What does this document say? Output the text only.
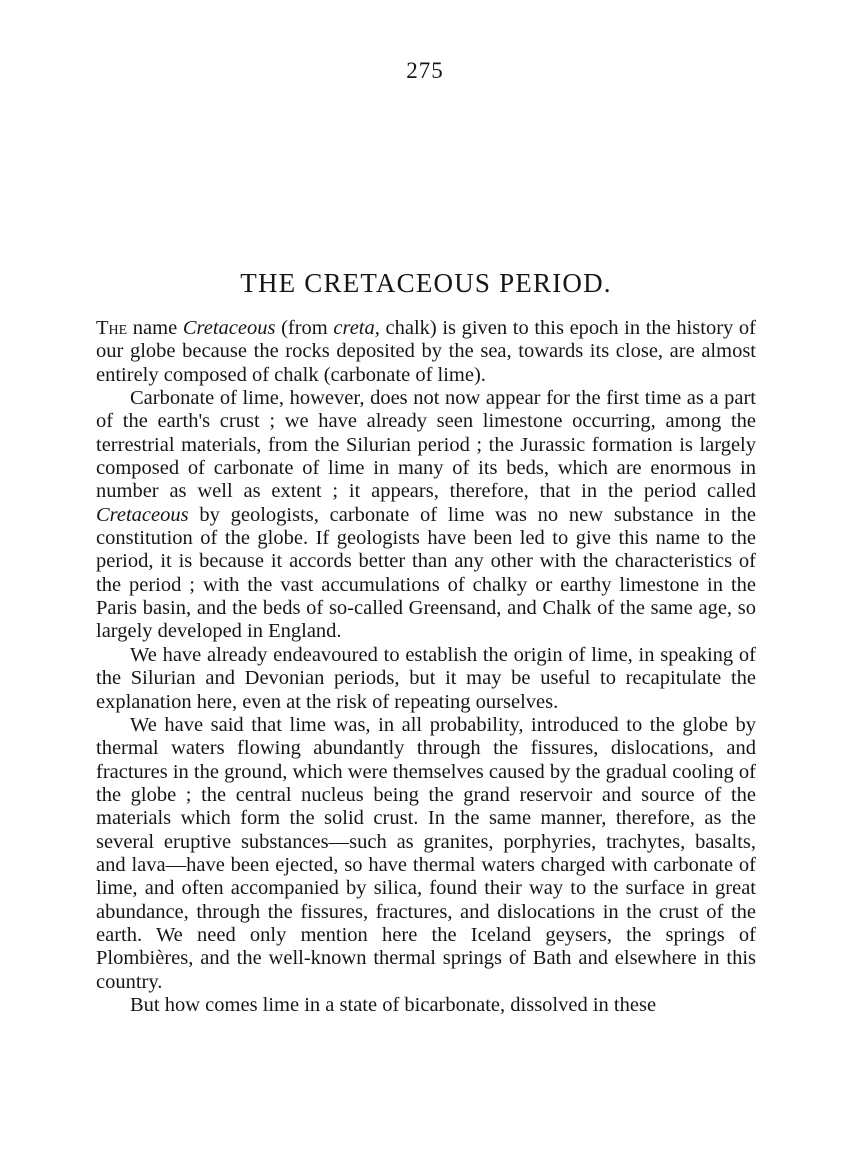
275
THE CRETACEOUS PERIOD.

The name Cretaceous (from creta, chalk) is given to this epoch in the history of our globe because the rocks deposited by the sea, towards its close, are almost entirely composed of chalk (carbonate of lime).

Carbonate of lime, however, does not now appear for the first time as a part of the earth's crust ; we have already seen limestone occurring, among the terrestrial materials, from the Silurian period ; the Jurassic formation is largely composed of carbonate of lime in many of its beds, which are enormous in number as well as extent ; it appears, therefore, that in the period called Cretaceous by geologists, carbonate of lime was no new substance in the constitution of the globe. If geologists have been led to give this name to the period, it is because it accords better than any other with the characteristics of the period ; with the vast accumulations of chalky or earthy limestone in the Paris basin, and the beds of so-called Greensand, and Chalk of the same age, so largely developed in England.

We have already endeavoured to establish the origin of lime, in speaking of the Silurian and Devonian periods, but it may be useful to recapitulate the explanation here, even at the risk of repeating ourselves.

We have said that lime was, in all probability, introduced to the globe by thermal waters flowing abundantly through the fissures, dislocations, and fractures in the ground, which were themselves caused by the gradual cooling of the globe ; the central nucleus being the grand reservoir and source of the materials which form the solid crust. In the same manner, therefore, as the several eruptive substances—such as granites, porphyries, trachytes, basalts, and lava—have been ejected, so have thermal waters charged with carbonate of lime, and often accompanied by silica, found their way to the surface in great abundance, through the fissures, fractures, and dislocations in the crust of the earth. We need only mention here the Iceland geysers, the springs of Plombières, and the well-known thermal springs of Bath and elsewhere in this country.

But how comes lime in a state of bicarbonate, dissolved in these
